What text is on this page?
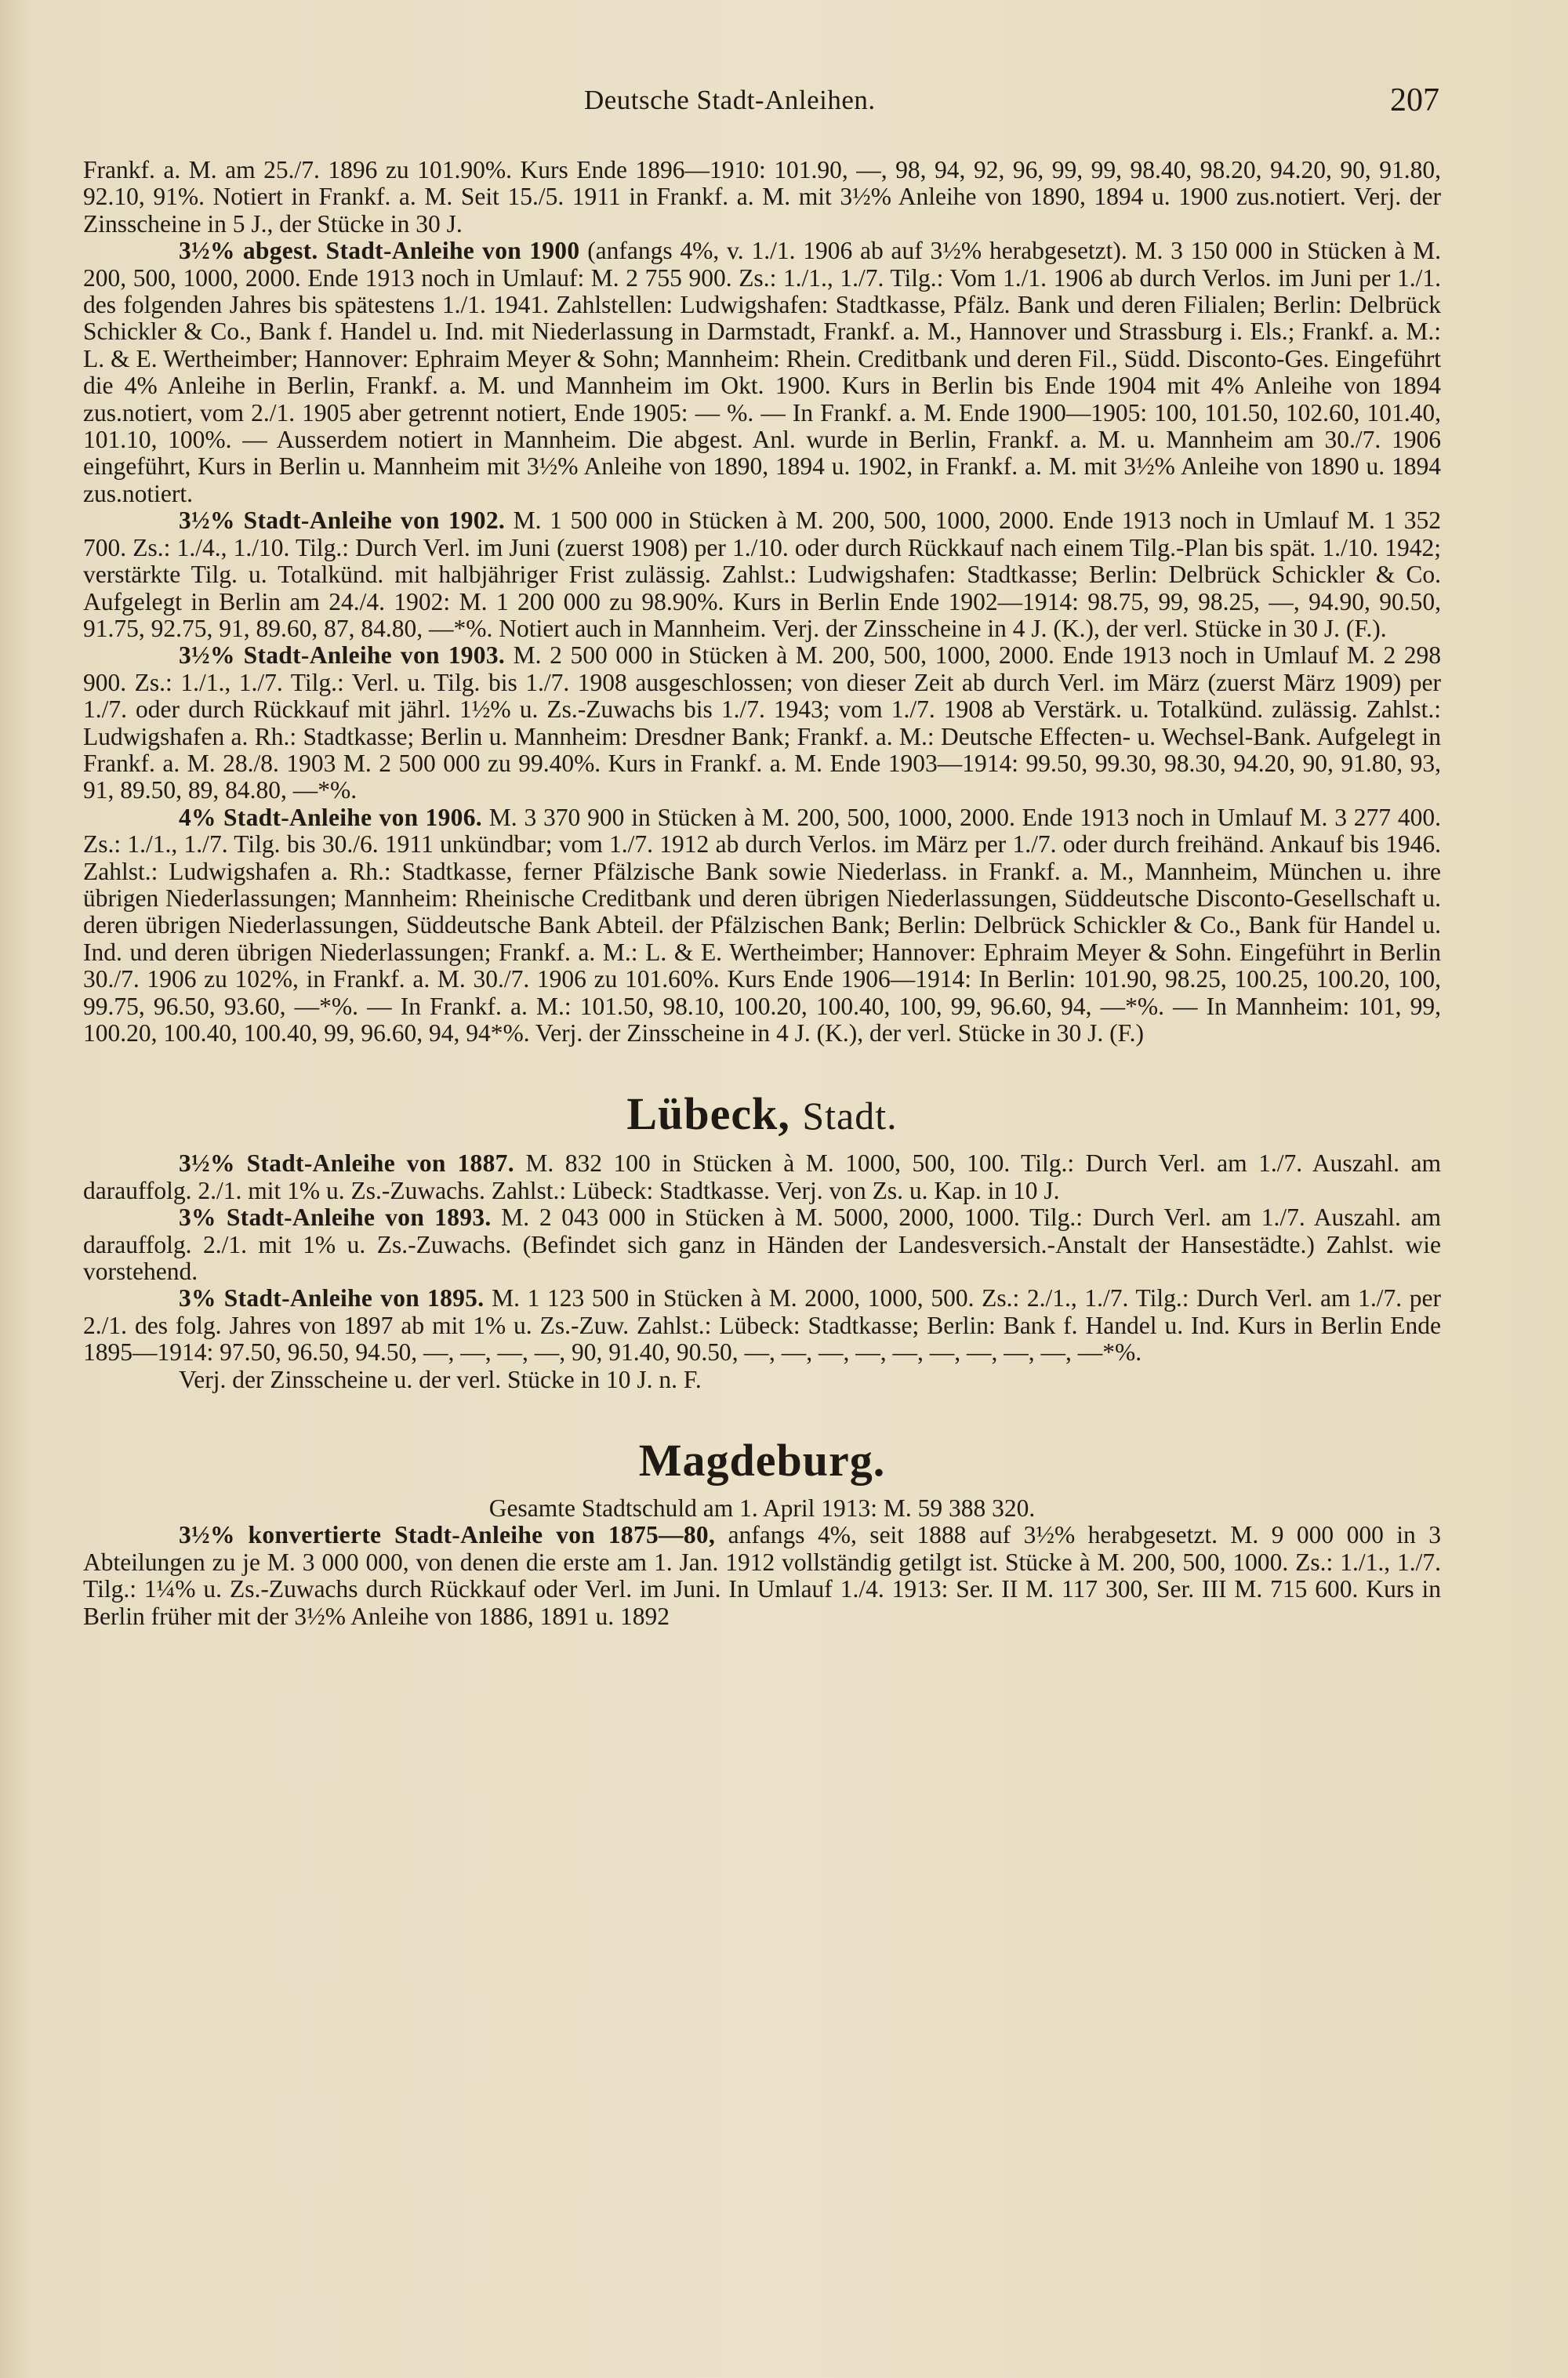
Deutsche Stadt-Anleihen.	207

Frankf. a. M. am 25./7. 1896 zu 101.90%. Kurs Ende 1896—1910: 101.90, —, 98, 94, 92, 96, 99, 99, 98.40, 98.20, 94.20, 90, 91.80, 92.10, 91%. Notiert in Frankf. a. M. Seit 15./5. 1911 in Frankf. a. M. mit 3½% Anleihe von 1890, 1894 u. 1900 zus.notiert. Verj. der Zinsscheine in 5 J., der Stücke in 30 J.

3½% abgest. Stadt-Anleihe von 1900 (anfangs 4%, v. 1./1. 1906 ab auf 3½% herabgesetzt). M. 3 150 000 in Stücken à M. 200, 500, 1000, 2000. Ende 1913 noch in Umlauf: M. 2 755 900. Zs.: 1./1., 1./7. Tilg.: Vom 1./1. 1906 ab durch Verlos. im Juni per 1./1. des folgenden Jahres bis spätestens 1./1. 1941. Zahlstellen: Ludwigshafen: Stadtkasse, Pfälz. Bank und deren Filialen; Berlin: Delbrück Schickler & Co., Bank f. Handel u. Ind. mit Niederlassung in Darmstadt, Frankf. a. M., Hannover und Strassburg i. Els.; Frankf. a. M.: L. & E. Wertheimber; Hannover: Ephraim Meyer & Sohn; Mannheim: Rhein. Creditbank und deren Fil., Südd. Disconto-Ges. Eingeführt die 4% Anleihe in Berlin, Frankf. a. M. und Mannheim im Okt. 1900. Kurs in Berlin bis Ende 1904 mit 4% Anleihe von 1894 zus.notiert, vom 2./1. 1905 aber getrennt notiert, Ende 1905: — %. — In Frankf. a. M. Ende 1900—1905: 100, 101.50, 102.60, 101.40, 101.10, 100%. — Ausserdem notiert in Mannheim. Die abgest. Anl. wurde in Berlin, Frankf. a. M. u. Mannheim am 30./7. 1906 eingeführt, Kurs in Berlin u. Mannheim mit 3½% Anleihe von 1890, 1894 u. 1902, in Frankf. a. M. mit 3½% Anleihe von 1890 u. 1894 zus.notiert.

3½% Stadt-Anleihe von 1902. M. 1 500 000 in Stücken à M. 200, 500, 1000, 2000. Ende 1913 noch in Umlauf M. 1 352 700. Zs.: 1./4., 1./10. Tilg.: Durch Verl. im Juni (zuerst 1908) per 1./10. oder durch Rückkauf nach einem Tilg.-Plan bis spät. 1./10. 1942; verstärkte Tilg. u. Totalkünd. mit halbjähriger Frist zulässig. Zahlst.: Ludwigshafen: Stadtkasse; Berlin: Delbrück Schickler & Co. Aufgelegt in Berlin am 24./4. 1902: M. 1 200 000 zu 98.90%. Kurs in Berlin Ende 1902—1914: 98.75, 99, 98.25, —, 94.90, 90.50, 91.75, 92.75, 91, 89.60, 87, 84.80, —*%. Notiert auch in Mannheim. Verj. der Zinsscheine in 4 J. (K.), der verl. Stücke in 30 J. (F.).

3½% Stadt-Anleihe von 1903. M. 2 500 000 in Stücken à M. 200, 500, 1000, 2000. Ende 1913 noch in Umlauf M. 2 298 900. Zs.: 1./1., 1./7. Tilg.: Verl. u. Tilg. bis 1./7. 1908 ausgeschlossen; von dieser Zeit ab durch Verl. im März (zuerst März 1909) per 1./7. oder durch Rückkauf mit jährl. 1½% u. Zs.-Zuwachs bis 1./7. 1943; vom 1./7. 1908 ab Verstärk. u. Totalkünd. zulässig. Zahlst.: Ludwigshafen a. Rh.: Stadtkasse; Berlin u. Mannheim: Dresdner Bank; Frankf. a. M.: Deutsche Effecten- u. Wechsel-Bank. Aufgelegt in Frankf. a. M. 28./8. 1903 M. 2 500 000 zu 99.40%. Kurs in Frankf. a. M. Ende 1903—1914: 99.50, 99.30, 98.30, 94.20, 90, 91.80, 93, 91, 89.50, 89, 84.80, —*%.

4% Stadt-Anleihe von 1906. M. 3 370 900 in Stücken à M. 200, 500, 1000, 2000. Ende 1913 noch in Umlauf M. 3 277 400. Zs.: 1./1., 1./7. Tilg. bis 30./6. 1911 unkündbar; vom 1./7. 1912 ab durch Verlos. im März per 1./7. oder durch freihänd. Ankauf bis 1946. Zahlst.: Ludwigshafen a. Rh.: Stadtkasse, ferner Pfälzische Bank sowie Niederlass. in Frankf. a. M., Mannheim, München u. ihre übrigen Niederlassungen; Mannheim: Rheinische Creditbank und deren übrigen Niederlassungen, Süddeutsche Disconto-Gesellschaft u. deren übrigen Niederlassungen, Süddeutsche Bank Abteil. der Pfälzischen Bank; Berlin: Delbrück Schickler & Co., Bank für Handel u. Ind. und deren übrigen Niederlassungen; Frankf. a. M.: L. & E. Wertheimber; Hannover: Ephraim Meyer & Sohn. Eingeführt in Berlin 30./7. 1906 zu 102%, in Frankf. a. M. 30./7. 1906 zu 101.60%. Kurs Ende 1906—1914: In Berlin: 101.90, 98.25, 100.25, 100.20, 100, 99.75, 96.50, 93.60, —*%. — In Frankf. a. M.: 101.50, 98.10, 100.20, 100.40, 100, 99, 96.60, 94, —*%. — In Mannheim: 101, 99, 100.20, 100.40, 100.40, 99, 96.60, 94, 94*%. Verj. der Zinsscheine in 4 J. (K.), der verl. Stücke in 30 J. (F.)

Lübeck, Stadt.

3½% Stadt-Anleihe von 1887. M. 832 100 in Stücken à M. 1000, 500, 100. Tilg.: Durch Verl. am 1./7. Auszahl. am darauffolg. 2./1. mit 1% u. Zs.-Zuwachs. Zahlst.: Lübeck: Stadtkasse. Verj. von Zs. u. Kap. in 10 J.

3% Stadt-Anleihe von 1893. M. 2 043 000 in Stücken à M. 5000, 2000, 1000. Tilg.: Durch Verl. am 1./7. Auszahl. am darauffolg. 2./1. mit 1% u. Zs.-Zuwachs. (Befindet sich ganz in Händen der Landesversich.-Anstalt der Hansestädte.) Zahlst. wie vorstehend.

3% Stadt-Anleihe von 1895. M. 1 123 500 in Stücken à M. 2000, 1000, 500. Zs.: 2./1., 1./7. Tilg.: Durch Verl. am 1./7. per 2./1. des folg. Jahres von 1897 ab mit 1% u. Zs.-Zuw. Zahlst.: Lübeck: Stadtkasse; Berlin: Bank f. Handel u. Ind. Kurs in Berlin Ende 1895—1914: 97.50, 96.50, 94.50, —, —, —, —, 90, 91.40, 90.50, —, —, —, —, —, —, —, —, —, —*%.

Verj. der Zinsscheine u. der verl. Stücke in 10 J. n. F.

Magdeburg.

Gesamte Stadtschuld am 1. April 1913: M. 59 388 320.

3½% konvertierte Stadt-Anleihe von 1875—80, anfangs 4%, seit 1888 auf 3½% herabgesetzt. M. 9 000 000 in 3 Abteilungen zu je M. 3 000 000, von denen die erste am 1. Jan. 1912 vollständig getilgt ist. Stücke à M. 200, 500, 1000. Zs.: 1./1., 1./7. Tilg.: 1¼% u. Zs.-Zuwachs durch Rückkauf oder Verl. im Juni. In Umlauf 1./4. 1913: Ser. II M. 117 300, Ser. III M. 715 600. Kurs in Berlin früher mit der 3½% Anleihe von 1886, 1891 u. 1892
